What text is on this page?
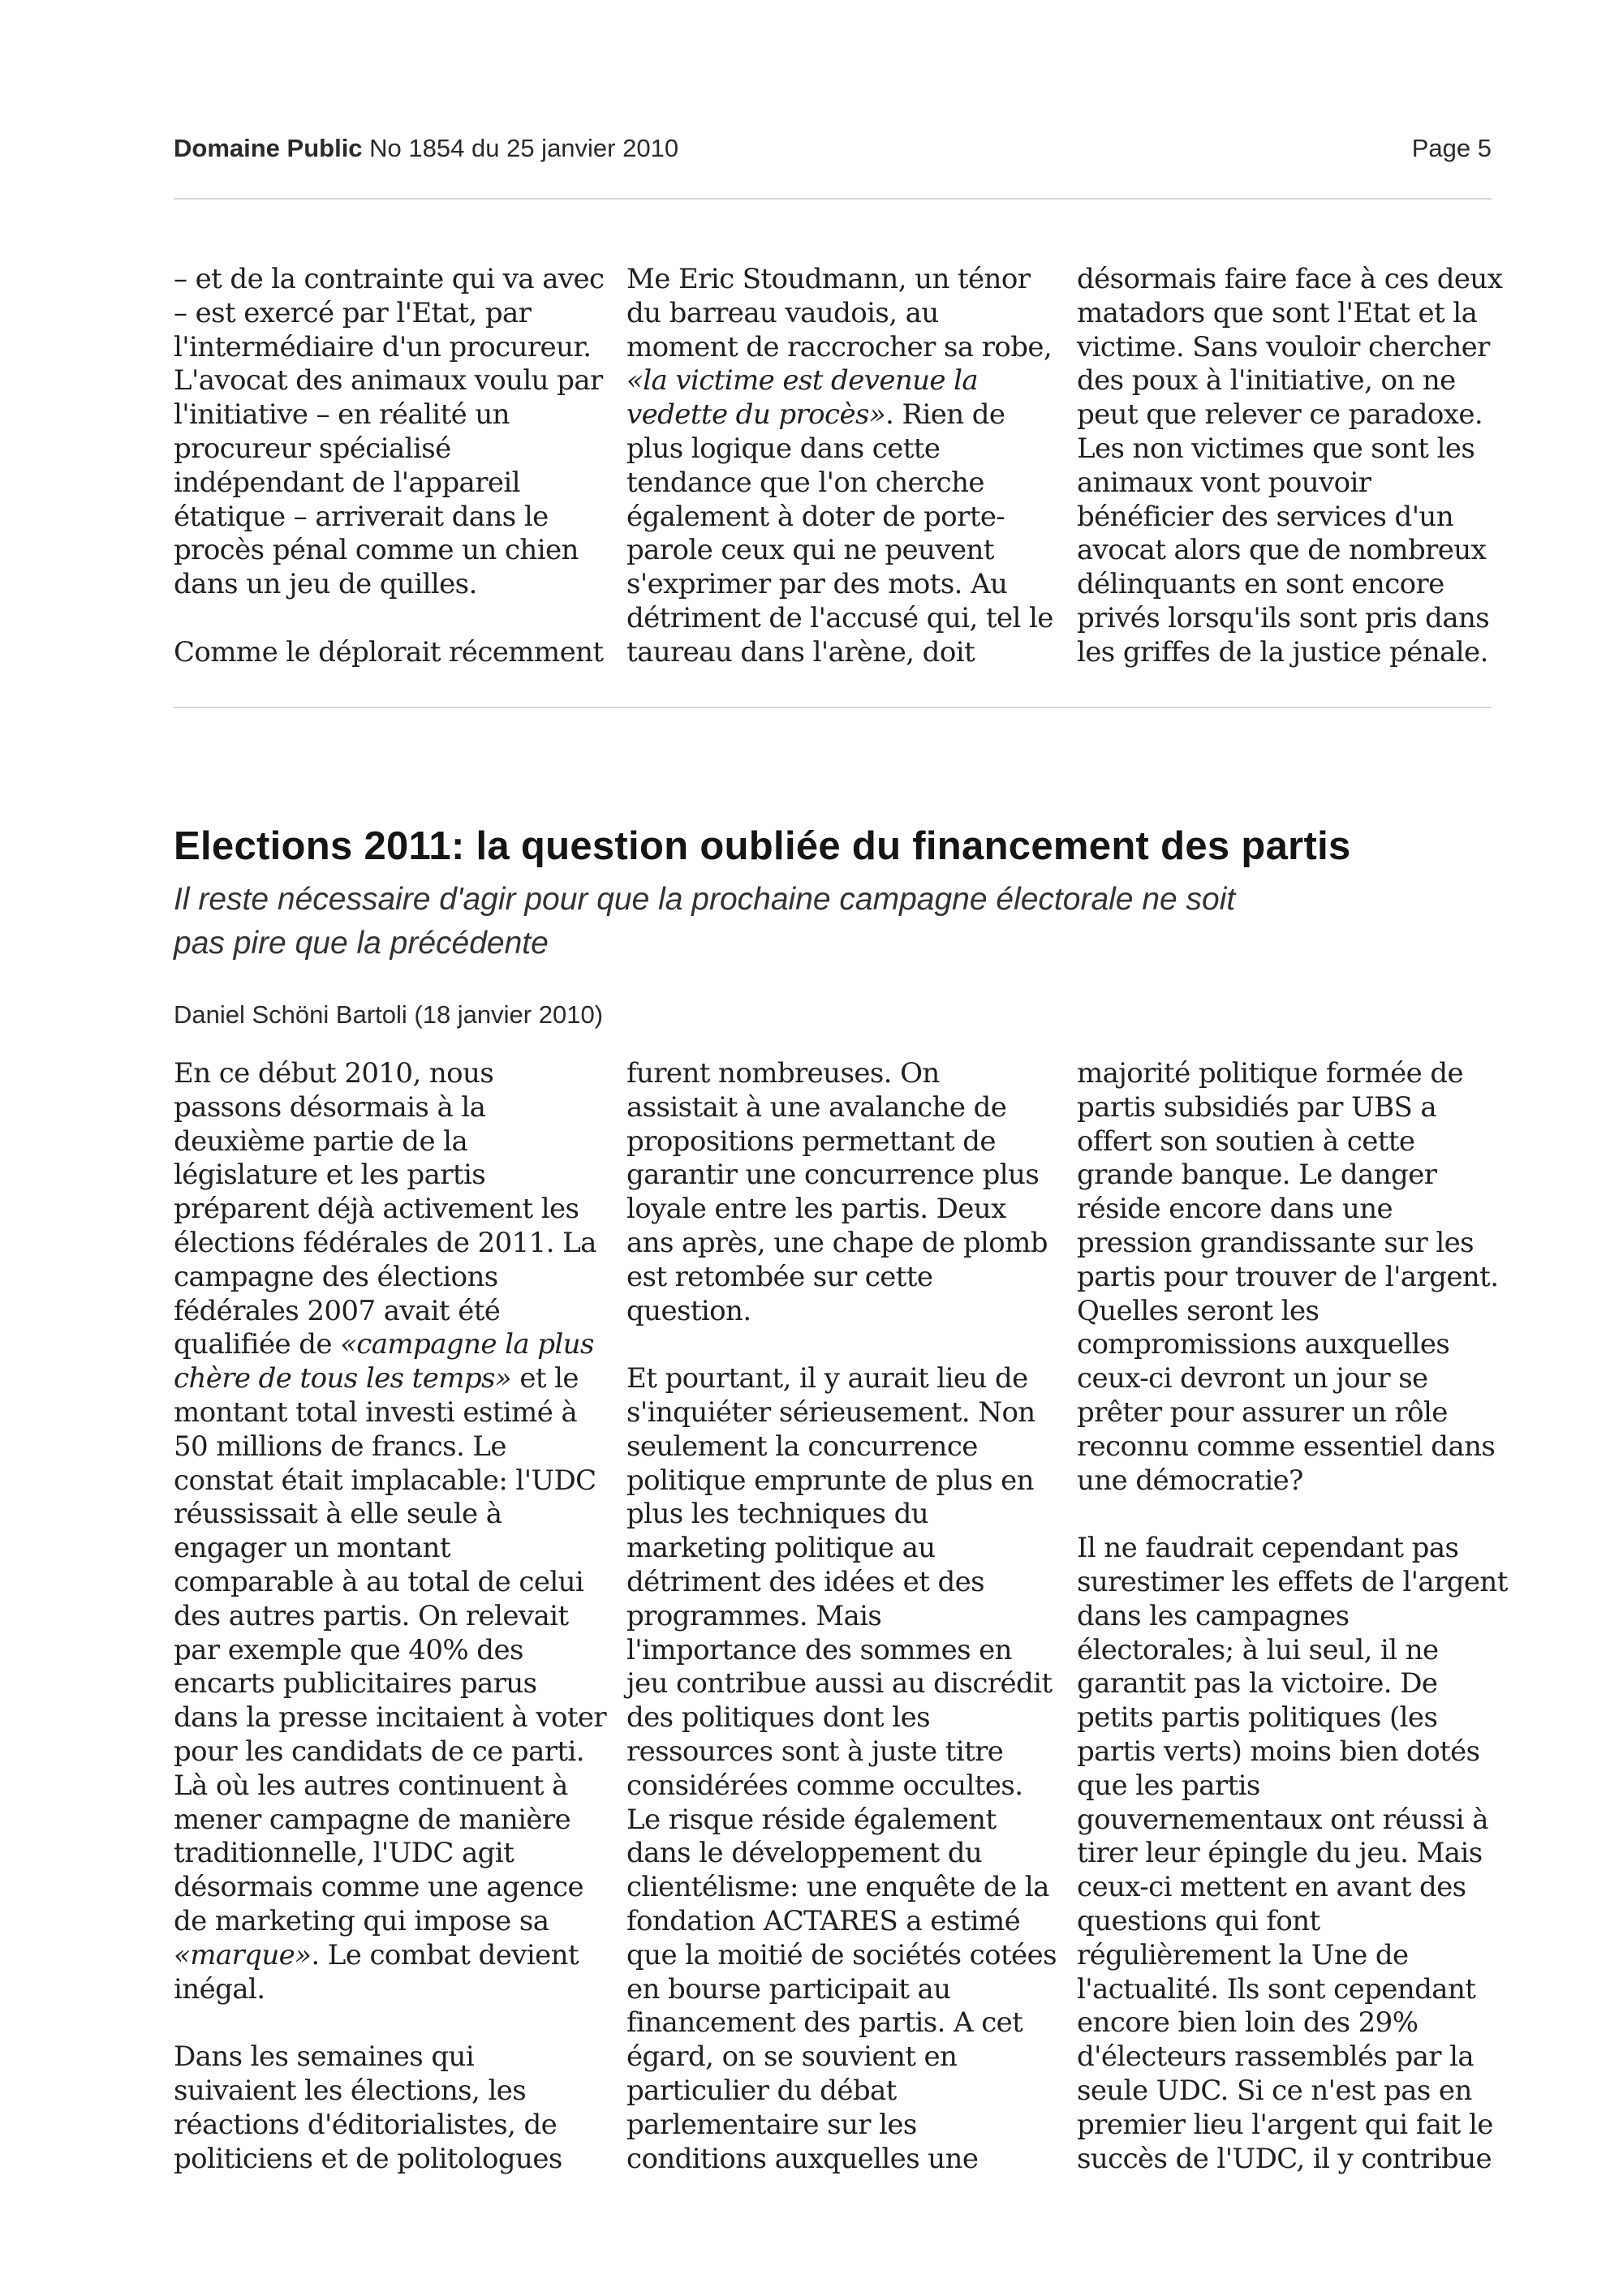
Domaine Public No 1854 du 25 janvier 2010	Page 5
– et de la contrainte qui va avec
– est exercé par l'Etat, par
l'intermédiaire d'un procureur.
L'avocat des animaux voulu par
l'initiative – en réalité un
procureur spécialisé
indépendant de l'appareil
étatique – arriverait dans le
procès pénal comme un chien
dans un jeu de quilles.
Comme le déplorait récemment
Me Eric Stoudmann, un ténor
du barreau vaudois, au
moment de raccrocher sa robe,
«la victime est devenue la
vedette du procès». Rien de
plus logique dans cette
tendance que l'on cherche
également à doter de porte-
parole ceux qui ne peuvent
s'exprimer par des mots. Au
détriment de l'accusé qui, tel le
taureau dans l'arène, doit
désormais faire face à ces deux
matadors que sont l'Etat et la
victime. Sans vouloir chercher
des poux à l'initiative, on ne
peut que relever ce paradoxe.
Les non victimes que sont les
animaux vont pouvoir
bénéficier des services d'un
avocat alors que de nombreux
délinquants en sont encore
privés lorsqu'ils sont pris dans
les griffes de la justice pénale.
Elections 2011: la question oubliée du financement des partis
Il reste nécessaire d'agir pour que la prochaine campagne électorale ne soit
pas pire que la précédente
Daniel Schöni Bartoli (18 janvier 2010)
En ce début 2010, nous
passons désormais à la
deuxième partie de la
législature et les partis
préparent déjà activement les
élections fédérales de 2011. La
campagne des élections
fédérales 2007 avait été
qualifiée de «campagne la plus
chère de tous les temps» et le
montant total investi estimé à
50 millions de francs. Le
constat était implacable: l'UDC
réussissait à elle seule à
engager un montant
comparable à au total de celui
des autres partis. On relevait
par exemple que 40% des
encarts publicitaires parus
dans la presse incitaient à voter
pour les candidats de ce parti.
Là où les autres continuent à
mener campagne de manière
traditionnelle, l'UDC agit
désormais comme une agence
de marketing qui impose sa
«marque». Le combat devient
inégal.
Dans les semaines qui
suivaient les élections, les
réactions d'éditorialistes, de
politiciens et de politologues
furent nombreuses. On
assistait à une avalanche de
propositions permettant de
garantir une concurrence plus
loyale entre les partis. Deux
ans après, une chape de plomb
est retombée sur cette
question.
Et pourtant, il y aurait lieu de
s'inquiéter sérieusement. Non
seulement la concurrence
politique emprunte de plus en
plus les techniques du
marketing politique au
détriment des idées et des
programmes. Mais
l'importance des sommes en
jeu contribue aussi au discrédit
des politiques dont les
ressources sont à juste titre
considérées comme occultes.
Le risque réside également
dans le développement du
clientélisme: une enquête de la
fondation ACTARES a estimé
que la moitié de sociétés cotées
en bourse participait au
financement des partis. A cet
égard, on se souvient en
particulier du débat
parlementaire sur les
conditions auxquelles une
majorité politique formée de
partis subsidiés par UBS a
offert son soutien à cette
grande banque. Le danger
réside encore dans une
pression grandissante sur les
partis pour trouver de l'argent.
Quelles seront les
compromissions auxquelles
ceux-ci devront un jour se
prêter pour assurer un rôle
reconnu comme essentiel dans
une démocratie?
Il ne faudrait cependant pas
surestimer les effets de l'argent
dans les campagnes
électorales; à lui seul, il ne
garantit pas la victoire. De
petits partis politiques (les
partis verts) moins bien dotés
que les partis
gouvernementaux ont réussi à
tirer leur épingle du jeu. Mais
ceux-ci mettent en avant des
questions qui font
régulièrement la Une de
l'actualité. Ils sont cependant
encore bien loin des 29%
d'électeurs rassemblés par la
seule UDC. Si ce n'est pas en
premier lieu l'argent qui fait le
succès de l'UDC, il y contribue
